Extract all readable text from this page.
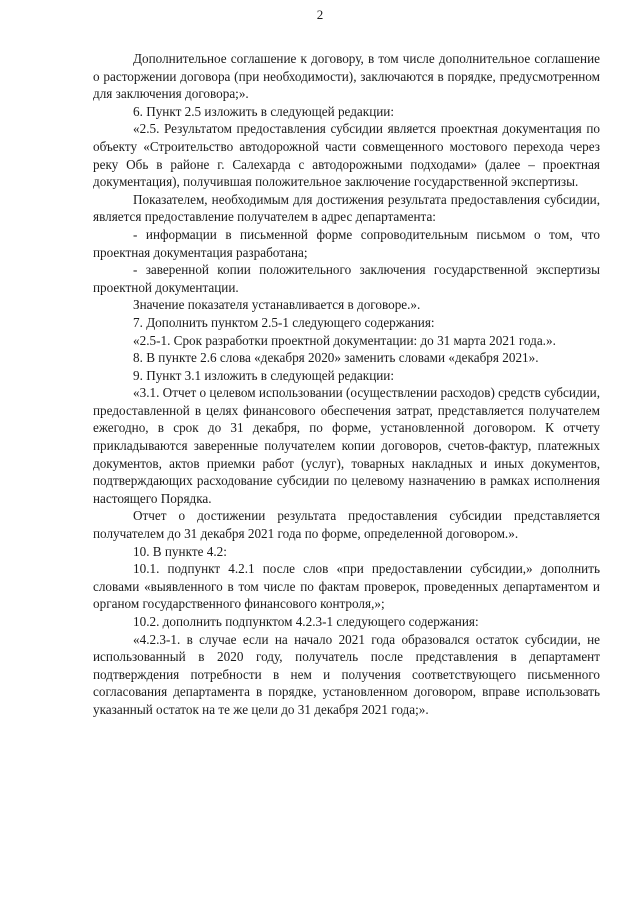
2

Дополнительное соглашение к договору, в том числе дополнительное соглашение о расторжении договора (при необходимости), заключаются в порядке, предусмотренном для заключения договора;».

6. Пункт 2.5 изложить в следующей редакции:

«2.5. Результатом предоставления субсидии является проектная документация по объекту «Строительство автодорожной части совмещенного мостового перехода через реку Обь в районе г. Салехарда с автодорожными подходами» (далее – проектная документация), получившая положительное заключение государственной экспертизы.

Показателем, необходимым для достижения результата предоставления субсидии, является предоставление получателем в адрес департамента:

- информации в письменной форме сопроводительным письмом о том, что проектная документация разработана;

- заверенной копии положительного заключения государственной экспертизы проектной документации.

Значение показателя устанавливается в договоре.».

7. Дополнить пунктом 2.5-1 следующего содержания:

«2.5-1. Срок разработки проектной документации: до 31 марта 2021 года.».

8. В пункте 2.6 слова «декабря 2020» заменить словами «декабря 2021».

9. Пункт 3.1 изложить в следующей редакции:

«3.1. Отчет о целевом использовании (осуществлении расходов) средств субсидии, предоставленной в целях финансового обеспечения затрат, представляется получателем ежегодно, в срок до 31 декабря, по форме, установленной договором. К отчету прикладываются заверенные получателем копии договоров, счетов-фактур, платежных документов, актов приемки работ (услуг), товарных накладных и иных документов, подтверждающих расходование субсидии по целевому назначению в рамках исполнения настоящего Порядка.

Отчет о достижении результата предоставления субсидии представляется получателем до 31 декабря 2021 года по форме, определенной договором.».

10. В пункте 4.2:

10.1. подпункт 4.2.1 после слов «при предоставлении субсидии,» дополнить словами «выявленного в том числе по фактам проверок, проведенных департаментом и органом государственного финансового контроля,»;

10.2. дополнить подпунктом 4.2.3-1 следующего содержания:

«4.2.3-1. в случае если на начало 2021 года образовался остаток субсидии, не использованный в 2020 году, получатель после представления в департамент подтверждения потребности в нем и получения соответствующего письменного согласования департамента в порядке, установленном договором, вправе использовать указанный остаток на те же цели до 31 декабря 2021 года;».
